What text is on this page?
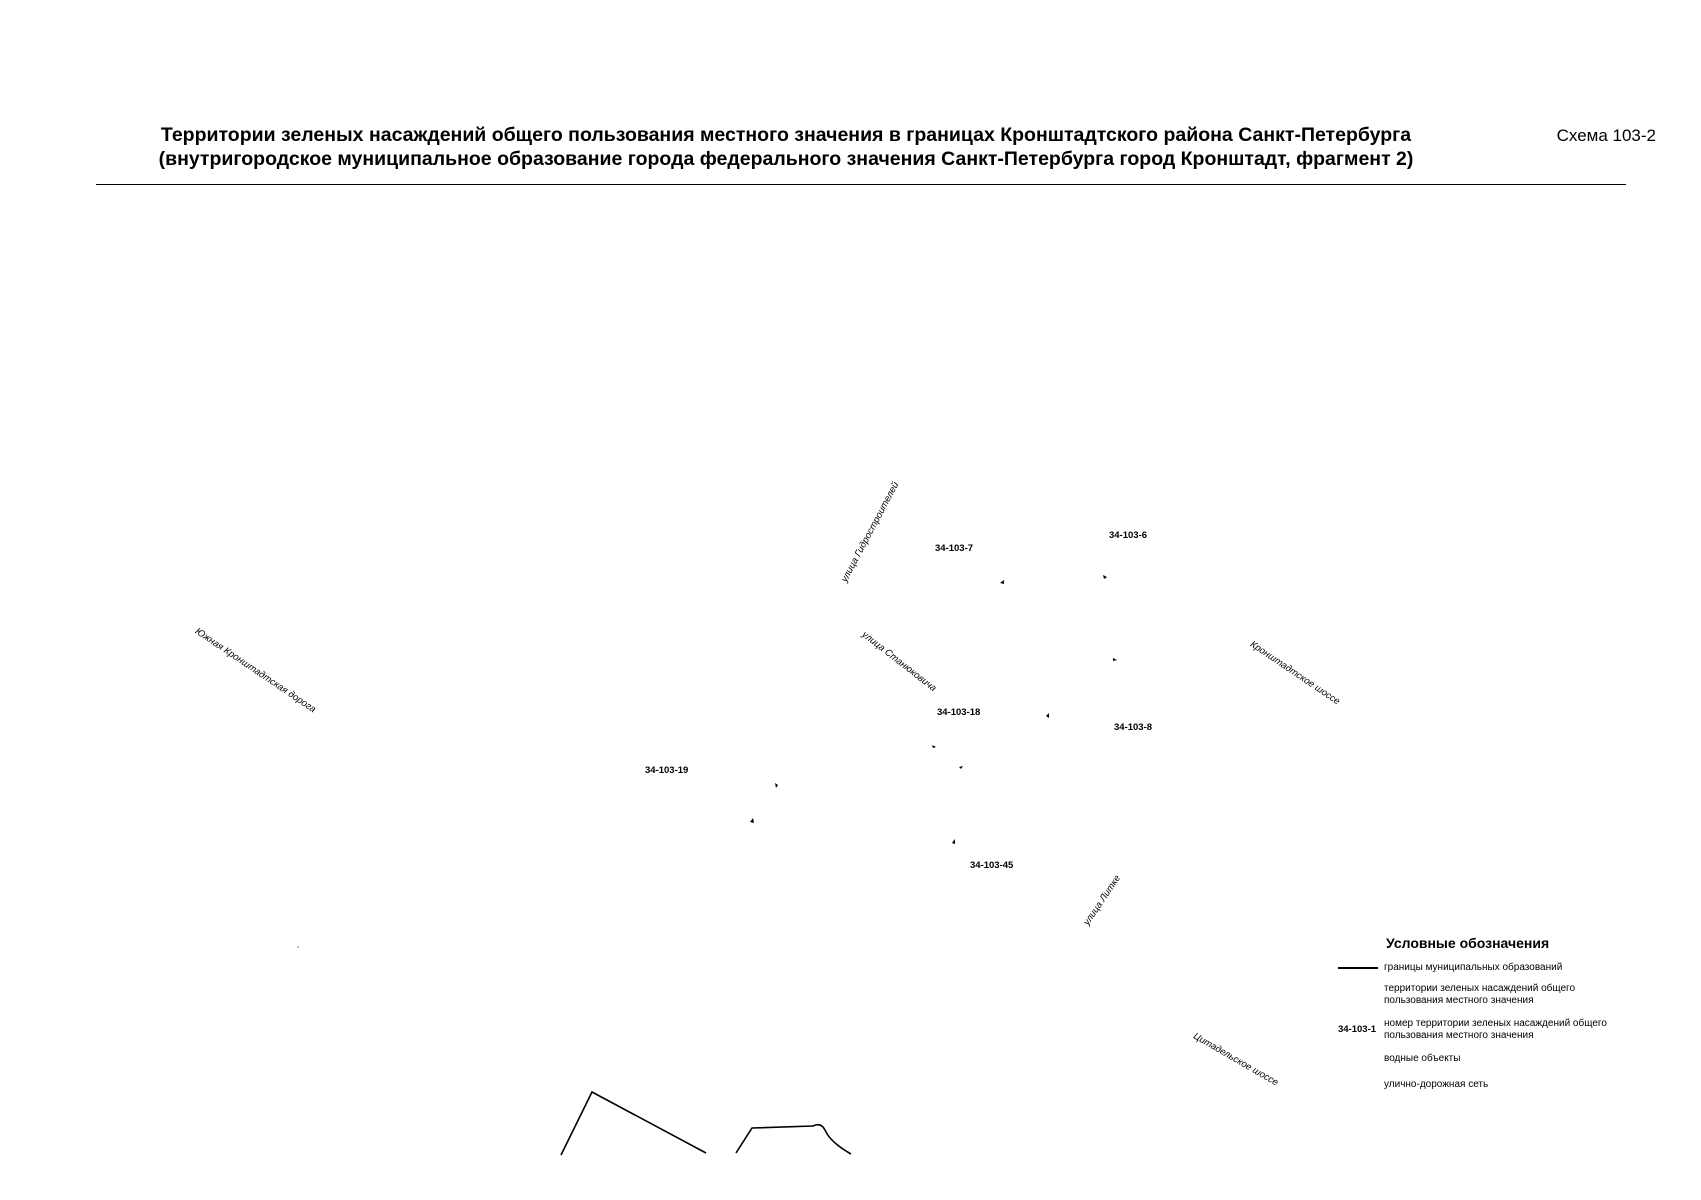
Территории зеленых насаждений общего пользования местного значения в границах Кронштадтского района Санкт-Петербурга
(внутригородское муниципальное образование города федерального значения Санкт-Петербурга город Кронштадт, фрагмент 2)
Схема 103-2
Южная Кронштадтская дорога
улица Гидростроителей
улица Станюковича	Кронштадтское шоссе
улица Литке
Цитадельское шоссе
34-103-7
34-103-6
34-103-18
34-103-8
34-103-19
34-103-45
Условные обозначения
границы муниципальных образований
территории зеленых насаждений общего пользования местного значения
34-103-1
номер территории зеленых насаждений общего пользования местного значения
водные объекты
улично-дорожная сеть
